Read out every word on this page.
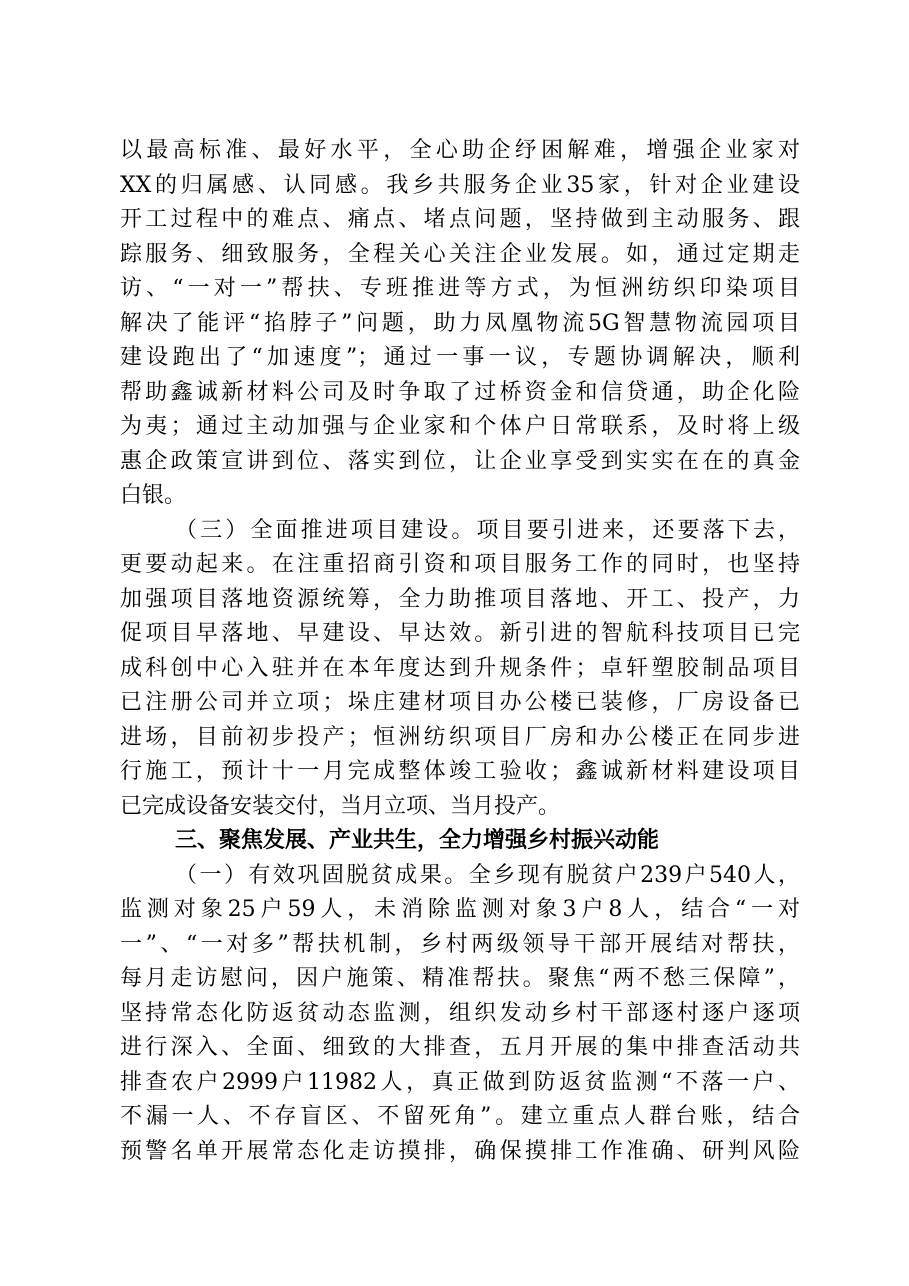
以最高标准、最好水平，全心助企纾困解难，增强企业家对
XX的归属感、认同感。我乡共服务企业35家，针对企业建设
开工过程中的难点、痛点、堵点问题，坚持做到主动服务、跟
踪服务、细致服务，全程关心关注企业发展。如，通过定期走
访、“一对一”帮扶、专班推进等方式，为恒洲纺织印染项目
解决了能评“掐脖子”问题，助力凤凰物流5G智慧物流园项目
建设跑出了“加速度”；通过一事一议，专题协调解决，顺利
帮助鑫诚新材料公司及时争取了过桥资金和信贷通，助企化险
为夷；通过主动加强与企业家和个体户日常联系，及时将上级
惠企政策宣讲到位、落实到位，让企业享受到实实在在的真金
白银。
（三）全面推进项目建设。项目要引进来，还要落下去，
更要动起来。在注重招商引资和项目服务工作的同时，也坚持
加强项目落地资源统筹，全力助推项目落地、开工、投产，力
促项目早落地、早建设、早达效。新引进的智航科技项目已完
成科创中心入驻并在本年度达到升规条件；卓轩塑胶制品项目
已注册公司并立项；垛庄建材项目办公楼已装修，厂房设备已
进场，目前初步投产；恒洲纺织项目厂房和办公楼正在同步进
行施工，预计十一月完成整体竣工验收；鑫诚新材料建设项目
已完成设备安装交付，当月立项、当月投产。
三、聚焦发展、产业共生，全力增强乡村振兴动能
（一）有效巩固脱贫成果。全乡现有脱贫户239户540人，
监测对象25户59人，未消除监测对象3户8人，结合“一对
一”、“一对多”帮扶机制，乡村两级领导干部开展结对帮扶，
每月走访慰问，因户施策、精准帮扶。聚焦“两不愁三保障”，
坚持常态化防返贫动态监测，组织发动乡村干部逐村逐户逐项
进行深入、全面、细致的大排查，五月开展的集中排查活动共
排查农户2999户11982人，真正做到防返贫监测“不落一户、
不漏一人、不存盲区、不留死角”。建立重点人群台账，结合
预警名单开展常态化走访摸排，确保摸排工作准确、研判风险
